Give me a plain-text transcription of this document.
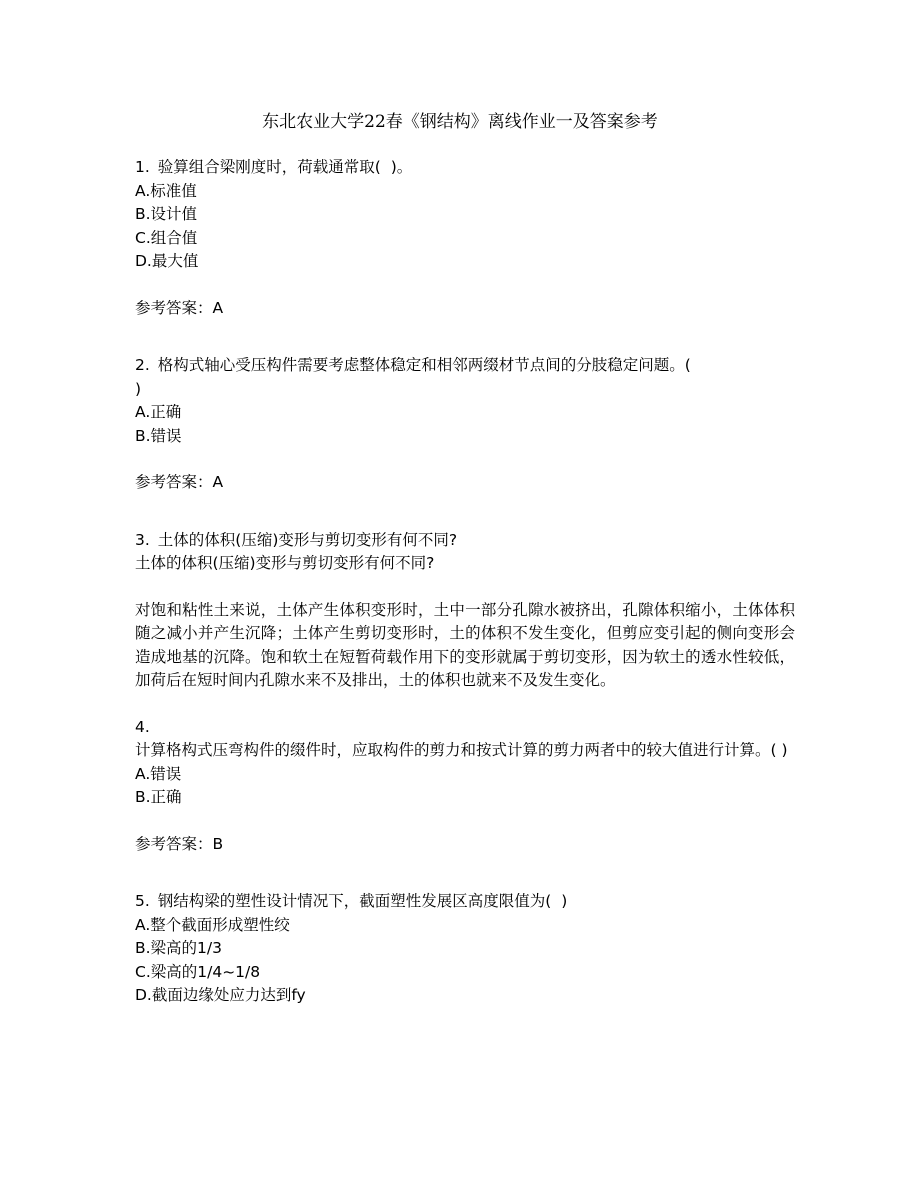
东北农业大学22春《钢结构》离线作业一及答案参考

1. 验算组合梁刚度时，荷载通常取(  )。

A.标准值

B.设计值

C.组合值

D.最大值

参考答案：A

2. 格构式轴心受压构件需要考虑整体稳定和相邻两缀材节点间的分肢稳定问题。(

)

A.正确

B.错误

参考答案：A

3. 土体的体积(压缩)变形与剪切变形有何不同?

土体的体积(压缩)变形与剪切变形有何不同?

对饱和粘性土来说，土体产生体积变形时，土中一部分孔隙水被挤出，孔隙体积缩小，土体体积随之减小并产生沉降；土体产生剪切变形时，土的体积不发生变化，但剪应变引起的侧向变形会造成地基的沉降。饱和软土在短暂荷载作用下的变形就属于剪切变形，因为软土的透水性较低，加荷后在短时间内孔隙水来不及排出，土的体积也就来不及发生变化。

4.

计算格构式压弯构件的缀件时，应取构件的剪力和按式计算的剪力两者中的较大值进行计算。( )

A.错误

B.正确

参考答案：B

5. 钢结构梁的塑性设计情况下，截面塑性发展区高度限值为(  )

A.整个截面形成塑性绞

B.梁高的1/3

C.梁高的1/4~1/8

D.截面边缘处应力达到fy
